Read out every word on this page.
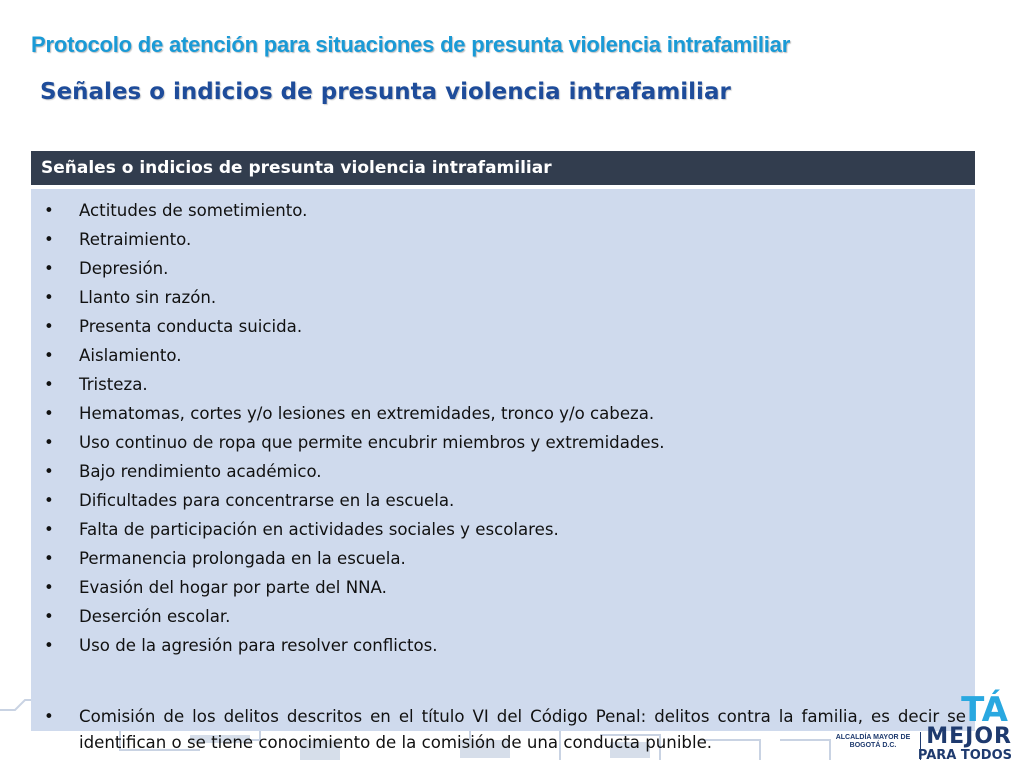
Protocolo de atención para situaciones de presunta violencia intrafamiliar
Señales o indicios de presunta violencia intrafamiliar
Señales o indicios de presunta violencia intrafamiliar
• Actitudes de sometimiento.
• Retraimiento.
• Depresión.
• Llanto sin razón.
• Presenta conducta suicida.
• Aislamiento.
• Tristeza.
• Hematomas, cortes y/o lesiones en extremidades, tronco y/o cabeza.
• Uso continuo de ropa que permite encubrir miembros y extremidades.
• Bajo rendimiento académico.
• Dificultades para concentrarse en la escuela.
• Falta de participación en actividades sociales y escolares.
• Permanencia prolongada en la escuela.
• Evasión del hogar por parte del NNA.
• Deserción escolar.
• Uso de la agresión para resolver conflictos.
• Comisión de los delitos descritos en el título VI del Código Penal: delitos contra la familia, es decir se identifican o se tiene conocimiento de la comisión de una conducta punible.
TÁ
ALCALDÍA MAYOR DE BOGOTÁ D.C.	MEJOR
PARA TODOS
